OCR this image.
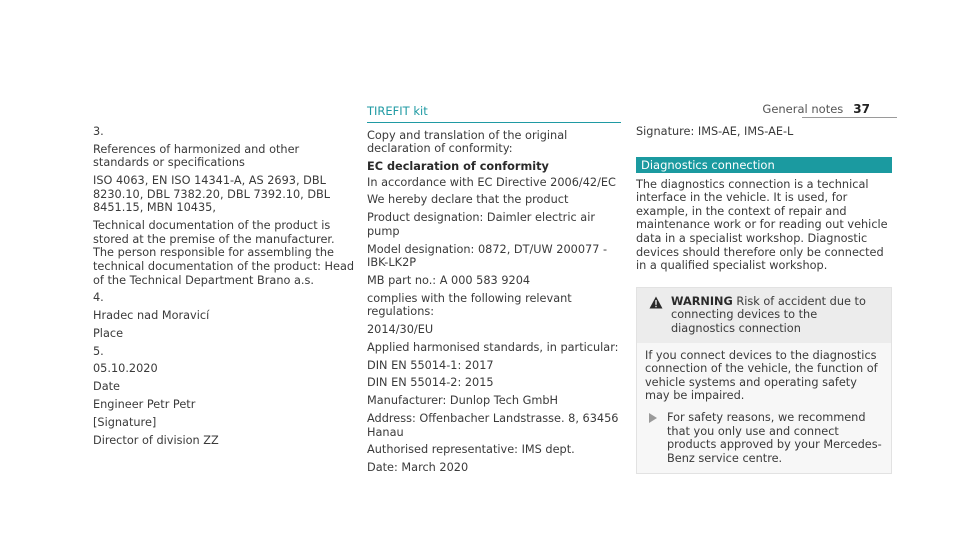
General notes 37

3.

References of harmonized and other standards or specifications

ISO 4063, EN ISO 14341-A, AS 2693, DBL 8230.10, DBL 7382.20, DBL 7392.10, DBL 8451.15, MBN 10435,

Technical documentation of the product is stored at the premise of the manufacturer. The person responsible for assembling the technical documentation of the product: Head of the Technical Department Brano a.s.

4.

Hradec nad Moravicí

Place

5.

05.10.2020

Date

Engineer Petr Petr

[Signature]

Director of division ZZ

TIREFIT kit

Copy and translation of the original declaration of conformity:

EC declaration of conformity

In accordance with EC Directive 2006/42/EC

We hereby declare that the product

Product designation: Daimler electric air pump

Model designation: 0872, DT/UW 200077 - IBK-LK2P

MB part no.: A 000 583 9204

complies with the following relevant regulations:

2014/30/EU

Applied harmonised standards, in particular:

DIN EN 55014-1: 2017

DIN EN 55014-2: 2015

Manufacturer: Dunlop Tech GmbH

Address: Offenbacher Landstrasse. 8, 63456 Hanau

Authorised representative: IMS dept.

Date: March 2020

Signature: IMS-AE, IMS-AE-L

Diagnostics connection

The diagnostics connection is a technical interface in the vehicle. It is used, for example, in the context of repair and maintenance work or for reading out vehicle data in a specialist workshop. Diagnostic devices should therefore only be connected in a qualified specialist workshop.

WARNING Risk of accident due to connecting devices to the diagnostics connection

If you connect devices to the diagnostics connection of the vehicle, the function of vehicle systems and operating safety may be impaired.

For safety reasons, we recommend that you only use and connect products approved by your Mercedes-Benz service centre.
